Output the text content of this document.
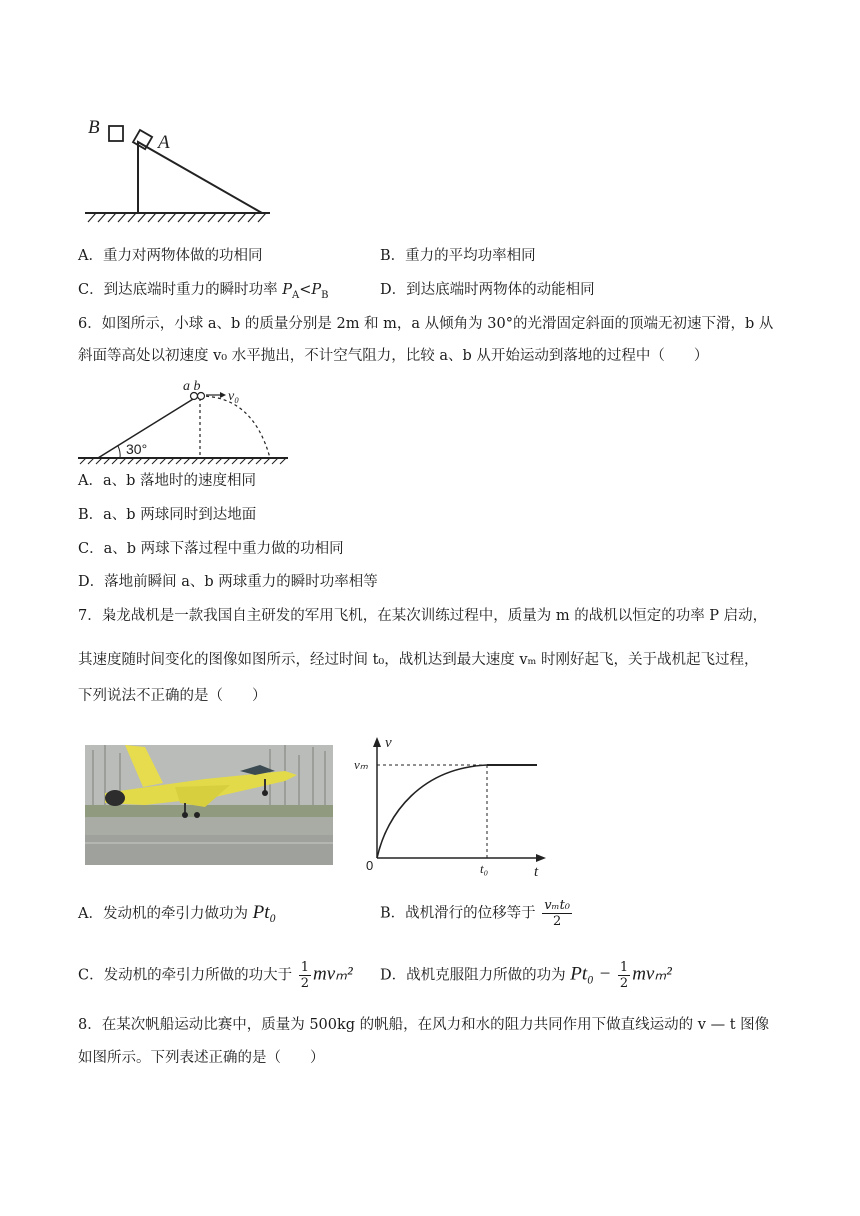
B
A
A．重力对两物体做的功相同	B．重力的平均功率相同
C．到达底端时重力的瞬时功率 $P_A<P_B$	D．到达底端时两物体的动能相同
6．如图所示，小球 a、b 的质量分别是 2m 和 m，a 从倾角为 30°的光滑固定斜面的顶端无初速下滑，b 从
斜面等高处以初速度 v₀ 水平抛出，不计空气阻力，比较 a、b 从开始运动到落地的过程中（　　）
a b
v₀
30°
A．a、b 落地时的速度相同
B．a、b 两球同时到达地面
C．a、b 两球下落过程中重力做的功相同
D．落地前瞬间 a、b 两球重力的瞬时功率相等
7．枭龙战机是一款我国自主研发的军用飞机，在某次训练过程中，质量为 m 的战机以恒定的功率 P 启动，
其速度随时间变化的图像如图所示，经过时间 t₀，战机达到最大速度 vₘ 时刚好起飞，关于战机起飞过程，
下列说法不正确的是（　　）
v
vₘ
0	t₀	t
A．发动机的牵引力做功为 Pt₀	B．战机滑行的位移等于 $\frac{\text{vₘt₀}}{2}$
C．发动机的牵引力所做的功大于 $\frac{1}{2} mv_m^2$ D．战机克服阻力所做的功为 $Pt_0 - \frac{1}{2} mv_m^2$
8．在某次帆船运动比赛中，质量为 500kg 的帆船，在风力和水的阻力共同作用下做直线运动的 v — t 图像
如图所示。下列表述正确的是（　　）
